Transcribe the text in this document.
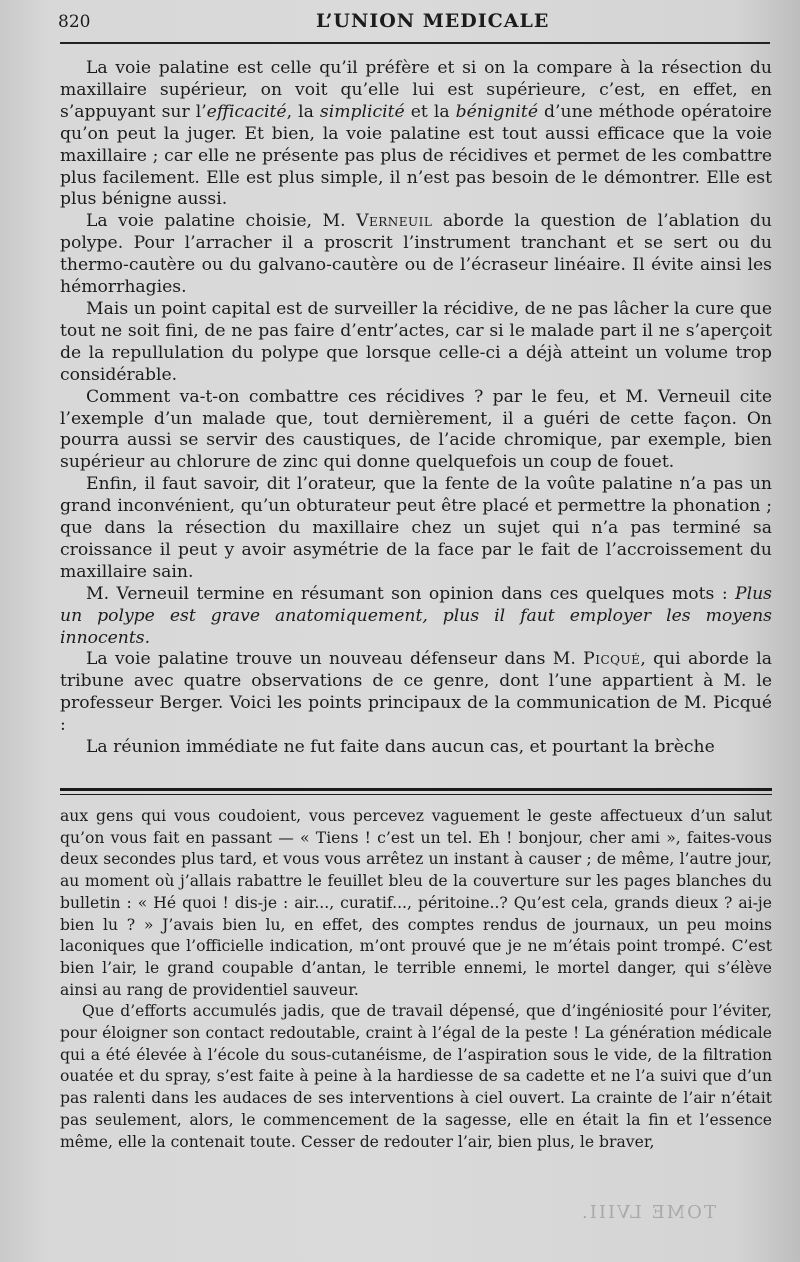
820	L’UNION MEDICALE

La voie palatine est celle qu’il préfère et si on la compare à la résection du maxillaire supérieur, on voit qu’elle lui est supérieure, c’est, en effet, en s’appuyant sur l’efficacité, la simplicité et la bénignité d’une méthode opératoire qu’on peut la juger. Et bien, la voie palatine est tout aussi efficace que la voie maxillaire ; car elle ne présente pas plus de récidives et permet de les combattre plus facilement. Elle est plus simple, il n’est pas besoin de le démontrer. Elle est plus bénigne aussi.

La voie palatine choisie, M. Verneuil aborde la question de l’ablation du polype. Pour l’arracher il a proscrit l’instrument tranchant et se sert ou du thermo-cautère ou du galvano-cautère ou de l’écraseur linéaire. Il évite ainsi les hémorrhagies.

Mais un point capital est de surveiller la récidive, de ne pas lâcher la cure que tout ne soit fini, de ne pas faire d’entr’actes, car si le malade part il ne s’aperçoit de la repullulation du polype que lorsque celle-ci a déjà atteint un volume trop considérable.

Comment va-t-on combattre ces récidives ? par le feu, et M. Verneuil cite l’exemple d’un malade que, tout dernièrement, il a guéri de cette façon. On pourra aussi se servir des caustiques, de l’acide chromique, par exemple, bien supérieur au chlorure de zinc qui donne quelquefois un coup de fouet.

Enfin, il faut savoir, dit l’orateur, que la fente de la voûte palatine n’a pas un grand inconvénient, qu’un obturateur peut être placé et permettre la phonation ; que dans la résection du maxillaire chez un sujet qui n’a pas terminé sa croissance il peut y avoir asymétrie de la face par le fait de l’accroissement du maxillaire sain.

M. Verneuil termine en résumant son opinion dans ces quelques mots : Plus un polype est grave anatomiquement, plus il faut employer les moyens innocents.

La voie palatine trouve un nouveau défenseur dans M. Picqué, qui aborde la tribune avec quatre observations de ce genre, dont l’une appartient à M. le professeur Berger. Voici les points principaux de la communication de M. Picqué :

La réunion immédiate ne fut faite dans aucun cas, et pourtant la brèche

aux gens qui vous coudoient, vous percevez vaguement le geste affectueux d’un salut qu’on vous fait en passant — « Tiens ! c’est un tel. Eh ! bonjour, cher ami », faites-vous deux secondes plus tard, et vous vous arrêtez un instant à causer ; de même, l’autre jour, au moment où j’allais rabattre le feuillet bleu de la couverture sur les pages blanches du bulletin : « Hé quoi ! dis-je : air..., curatif..., péritoine..? Qu’est cela, grands dieux ? ai-je bien lu ? » J’avais bien lu, en effet, des comptes rendus de journaux, un peu moins laconiques que l’officielle indication, m’ont prouvé que je ne m’étais point trompé. C’est bien l’air, le grand coupable d’antan, le terrible ennemi, le mortel danger, qui s’élève ainsi au rang de providentiel sauveur.

Que d’efforts accumulés jadis, que de travail dépensé, que d’ingéniosité pour l’éviter, pour éloigner son contact redoutable, craint à l’égal de la peste ! La génération médicale qui a été élevée à l’école du sous-cutanéisme, de l’aspiration sous le vide, de la filtration ouatée et du spray, s’est faite à peine à la hardiesse de sa cadette et ne l’a suivi que d’un pas ralenti dans les audaces de ses interventions à ciel ouvert. La crainte de l’air n’était pas seulement, alors, le commencement de la sagesse, elle en était la fin et l’essence même, elle la contenait toute. Cesser de redouter l’air, bien plus, le braver,

TOME LVIII.
